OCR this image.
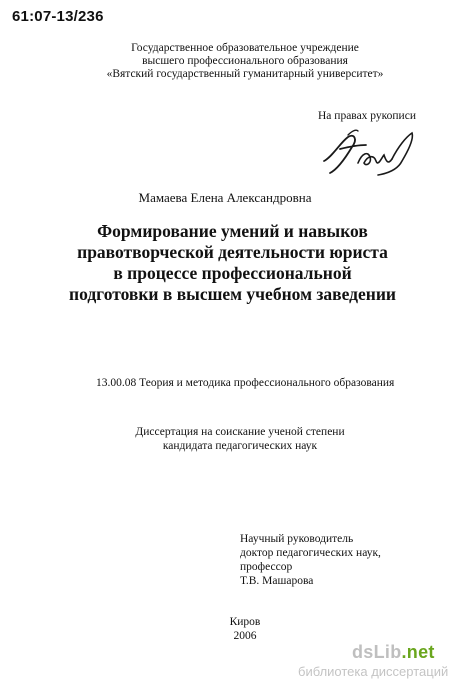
61:07-13/236
Государственное образовательное учреждение
высшего профессионального образования
«Вятский государственный гуманитарный университет»
На правах рукописи
Мамаева Елена Александровна
Формирование умений и навыков
правотворческой деятельности юриста
в процессе профессиональной
подготовки в высшем учебном заведении
13.00.08 Теория и методика профессионального образования
Диссертация на соискание ученой степени
кандидата педагогических наук
Научный руководитель
доктор педагогических наук,
профессор
Т.В. Машарова
Киров
2006
dsLib.net
библиотека диссертаций
